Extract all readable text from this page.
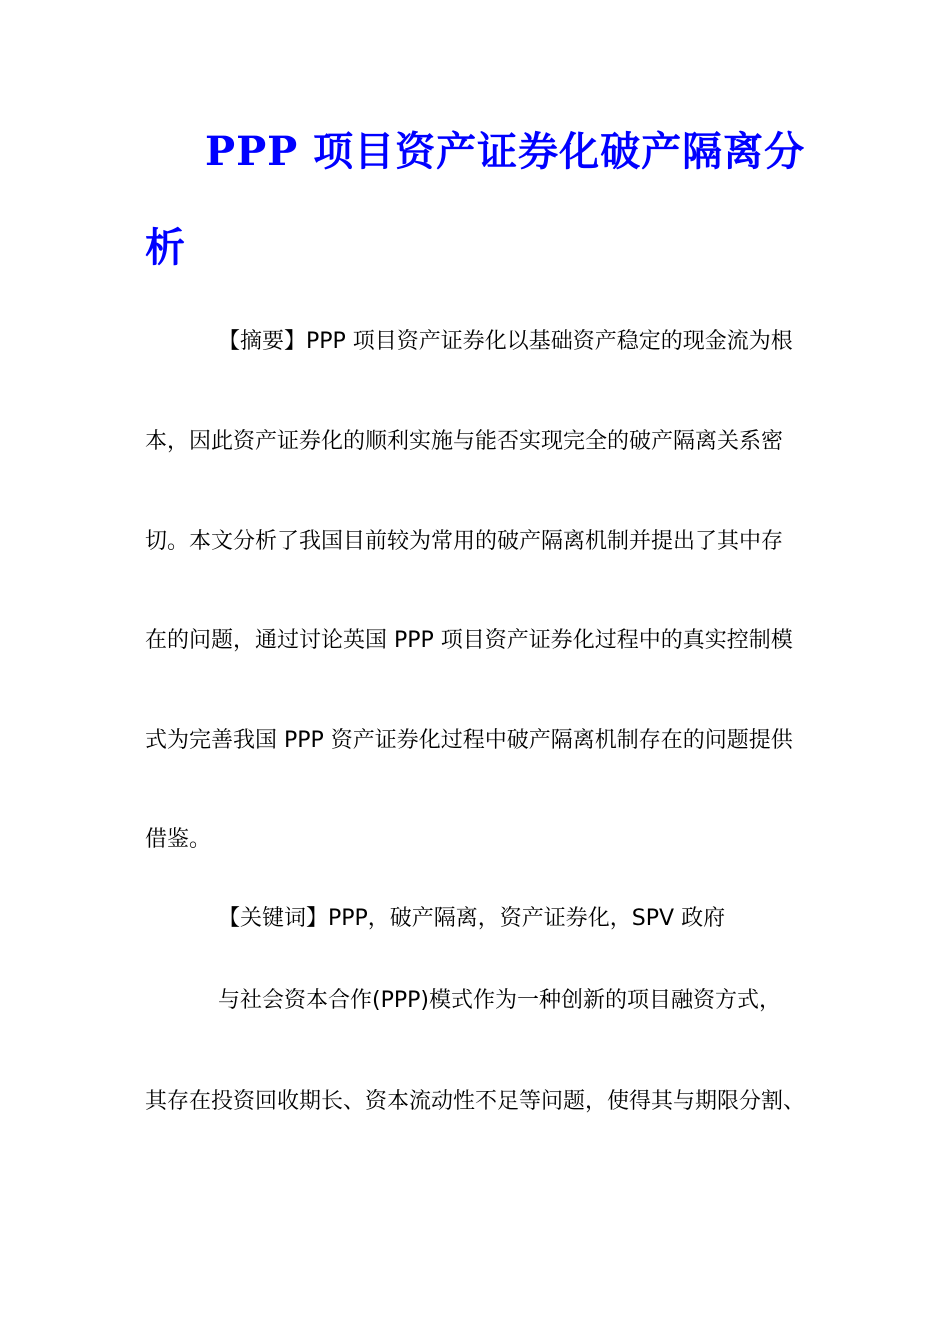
PPP 项目资产证券化破产隔离分
析
【摘要】PPP 项目资产证券化以基础资产稳定的现金流为根
本，因此资产证券化的顺利实施与能否实现完全的破产隔离关系密
切。本文分析了我国目前较为常用的破产隔离机制并提出了其中存
在的问题，通过讨论英国 PPP 项目资产证券化过程中的真实控制模
式为完善我国 PPP 资产证券化过程中破产隔离机制存在的问题提供
借鉴。
【关键词】PPP，破产隔离，资产证券化，SPV 政府
与社会资本合作(PPP)模式作为一种创新的项目融资方式，
其存在投资回收期长、资本流动性不足等问题，使得其与期限分割、
